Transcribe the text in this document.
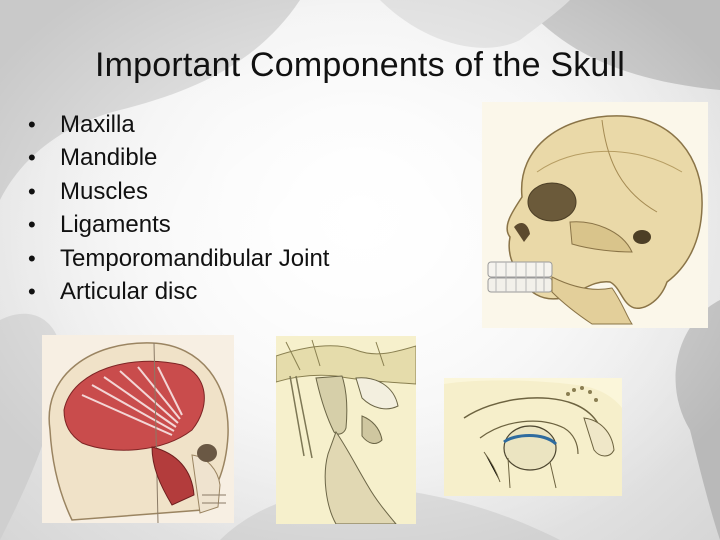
Important Components of the Skull
•	Maxilla
•	Mandible
•	Muscles
•	Ligaments
•	Temporomandibular Joint
•	Articular disc
